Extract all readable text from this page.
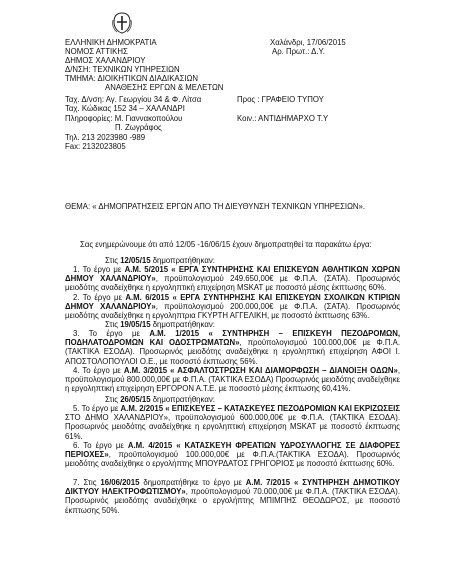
ΕΛΛΗΝΙΚΗ ΔΗΜΟΚΡΑΤΙΑ
ΝΟΜΟΣ ΑΤΤΙΚΗΣ
ΔΗΜΟΣ ΧΑΛΑΝΔΡΙΟΥ
Δ/ΝΣΗ: ΤΕΧΝΙΚΩΝ ΥΠΗΡΕΣΙΩΝ
ΤΜΗΜΑ: ΔΙΟΙΚΗΤΙΚΩΝ ΔΙΑΔΙΚΑΣΙΩΝ
ΑΝΑΘΕΣΗΣ ΕΡΓΩΝ & ΜΕΛΕΤΩΝ
Ταχ. Δ/νση: Αγ. Γεωργίου 34 & Φ. Λίτσα
Ταχ. Κώδικας 152 34 – ΧΑΛΑΝΔΡΙ
Πληροφορίες: Μ. Γιαννακοπούλου
Π. Ζωγράφος
Τηλ. 213 2023980 -989
Fax: 2132023805
Χαλάνδρι, 17/06/2015
Αρ. Πρωτ.: Δ.Υ.
Προς : ΓΡΑΦΕΙΟ ΤΥΠΟΥ
Κοιν.: ΑΝΤΙΔΗΜΑΡΧΟ Τ.Υ
ΘΕΜΑ: « ΔΗΜΟΠΡΑΤΗΣΕΙΣ ΕΡΓΩΝ ΑΠΟ ΤΗ ΔΙΕΥΘΥΝΣΗ ΤΕΧΝΙΚΩΝ ΥΠΗΡΕΣΙΩΝ».
Σας ενημερώνουμε ότι από 12/05 -16/06/15 έχουν δημοπρατηθεί τα παρακάτω έργα:
Στις 12/05/15 δημοπρατήθηκαν:
1. Το έργο με Α.Μ. 5/2015 « ΕΡΓΑ ΣΥΝΤΗΡΗΣΗΣ ΚΑΙ ΕΠΙΣΚΕΥΩΝ ΑΘΛΗΤΙΚΩΝ ΧΩΡΩΝ ΔΗΜΟΥ ΧΑΛΑΝΔΡΙΟΥ», προϋπολογισμού 249.650,00€ με Φ.Π.Α. (ΣΑΤΑ). Προσωρινός μειοδότης αναδείχθηκε η εργοληπτική επιχείρηση MSKAT με ποσοστό μέσης έκπτωσης 60%.
2. Το έργο με Α.Μ. 6/2015 « ΕΡΓΑ ΣΥΝΤΗΡΗΣΗΣ ΚΑΙ ΕΠΙΣΚΕΥΩΝ ΣΧΟΛΙΚΩΝ ΚΤΙΡΙΩΝ ΔΗΜΟΥ ΧΑΛΑΝΔΡΙΟΥ», προϋπολογισμού 200.000,00€ με Φ.Π.Α. (ΣΑΤΑ). Προσωρινός μειοδότης αναδείχθηκε η εργοληπτρια ΓΚΥΡΤΗ ΑΓΓΕΛΙΚΗ, με ποσοστό έκπτωσης 63%.
Στις 19/05/15 δημοπρατήθηκαν:
3. Το έργο με Α.Μ. 1/2015 « ΣΥΝΤΗΡΗΣΗ – ΕΠΙΣΚΕΥΗ ΠΕΖΟΔΡΟΜΩΝ, ΠΟΔΗΛΑΤΟΔΡΟΜΩΝ ΚΑΙ ΟΔΟΣΤΡΩΜΑΤΩΝ», προϋπολογισμού 100.000,00€ με Φ.Π.Α. (ΤΑΚΤΙΚΑ ΕΣΟΔΑ). Προσωρινός μειοδότης αναδείχθηκε η εργοληπτική επιχείρηση ΑΦΟΙ Ι. ΑΠΟΣΤΟΛΟΠΟΥΛΟΙ Ο.Ε., με ποσοστό έκπτωσης 56%.
4. Το έργο με Α.Μ. 3/2015 « ΑΣΦΑΛΤΟΣΤΡΩΣΗ ΚΑΙ ΔΙΑΜΟΡΦΩΣΗ – ΔΙΑΝΟΙΞΗ ΟΔΩΝ», προϋπολογισμού 800.000,00€ με Φ.Π.Α. (ΤΑΚΤΙΚΑ ΕΣΟΔΑ) Προσωρινός μειοδότης αναδείχθηκε η εργοληπτική επιχείρηση ΕΡΓΟΡΟΝ Α.Τ.Ε. με ποσοστό μέσης έκπτωσης 60,41%.
Στις 26/05/15 δημοπρατήθηκαν:
5. Το έργο με Α.Μ. 2/2015 « ΕΠΙΣΚΕΥΕΣ – ΚΑΤΑΣΚΕΥΕΣ ΠΕΖΟΔΡΟΜΙΩΝ ΚΑΙ ΕΚΡΙΖΩΣΕΙΣ ΣΤΟ ΔΗΜΟ ΧΑΛΑΝΔΡΙΟΥ», προϋπολογισμού 600.000,00€ με Φ.Π.Α. (ΤΑΚΤΙΚΑ ΕΣΟΔΑ). Προσωρινός μειοδότης αναδείχθηκε η εργοληπτική επιχείρηση MSKAT με ποσοστό έκπτωσης 61%.
6. Το έργο με Α.Μ. 4/2015 « ΚΑΤΑΣΚΕΥΗ ΦΡΕΑΤΙΩΝ ΥΔΡΟΣΥΛΛΟΓΗΣ ΣΕ ΔΙΑΦΟΡΕΣ ΠΕΡΙΟΧΕΣ», προϋπολογισμού 100.000,00€ με Φ.Π.Α.(ΤΑΚΤΙΚΑ ΕΣΟΔΑ). Προσωρινός μειοδότης αναδείχθηκε ο εργολήπτης ΜΠΟΥΡΔΑΤΟΣ ΓΡΗΓΟΡΙΟΣ με ποσοστό έκπτωσης 60%.
7. Στις 16/06/2015 δημοπρατήθηκε το έργο με Α.Μ. 7/2015 « ΣΥΝΤΗΡΗΣΗ ΔΗΜΟΤΙΚΟΥ ΔΙΚΤΥΟΥ ΗΛΕΚΤΡΟΦΩΤΙΣΜΟΥ», προϋπολογισμού 70.000,00€ με Φ.Π.Α. (ΤΑΚΤΙΚΑ ΕΣΟΔΑ). Προσωρινός μειοδότης αναδείχθηκε ο εργολήπτης ΜΠΙΜΠΗΣ ΘΕΟΔΩΡΟΣ, με ποσοστό έκπτωσης 50%.
